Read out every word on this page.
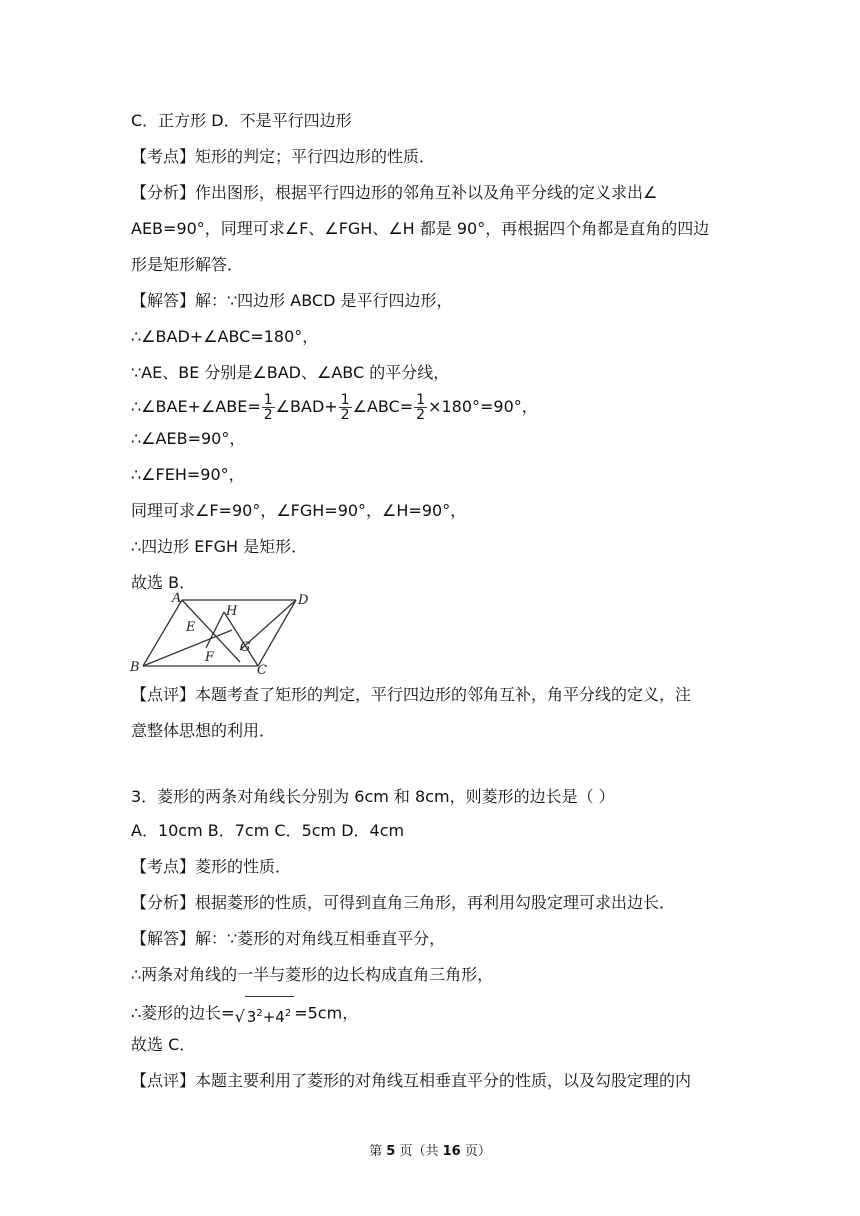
C．正方形 D．不是平行四边形
【考点】矩形的判定；平行四边形的性质．
【分析】作出图形，根据平行四边形的邻角互补以及角平分线的定义求出∠
AEB=90°，同理可求∠F、∠FGH、∠H 都是 90°，再根据四个角都是直角的四边
形是矩形解答．
【解答】解：∵四边形 ABCD 是平行四边形，
∴∠BAD+∠ABC=180°，
∵AE、BE 分别是∠BAD、∠ABC 的平分线，
∴∠BAE+∠ABE= $\frac{1}{2}$ ∠BAD+ $\frac{1}{2}$ ∠ABC= $\frac{1}{2} \times 180^\circ=90^\circ$，
∴∠AEB=90°，
∴∠FEH=90°，
同理可求∠F=90°，∠FGH=90°，∠H=90°，
∴四边形 EFGH 是矩形．
故选 B．
A
B	C
D
E
F
G
H
【点评】本题考查了矩形的判定，平行四边形的邻角互补，角平分线的定义，注
意整体思想的利用．
3．菱形的两条对角线长分别为 6cm 和 8cm，则菱形的边长是（ ）
A．10cm B．7cm C．5cm D．4cm
【考点】菱形的性质．
【分析】根据菱形的性质，可得到直角三角形，再利用勾股定理可求出边长．
【解答】解：∵菱形的对角线互相垂直平分，
∴两条对角线的一半与菱形的边长构成直角三角形，
∴菱形的边长= √ $3^2+4^2 =5cm$，
故选 C．
【点评】本题主要利用了菱形的对角线互相垂直平分的性质，以及勾股定理的内
第 5 页（共 16 页）
